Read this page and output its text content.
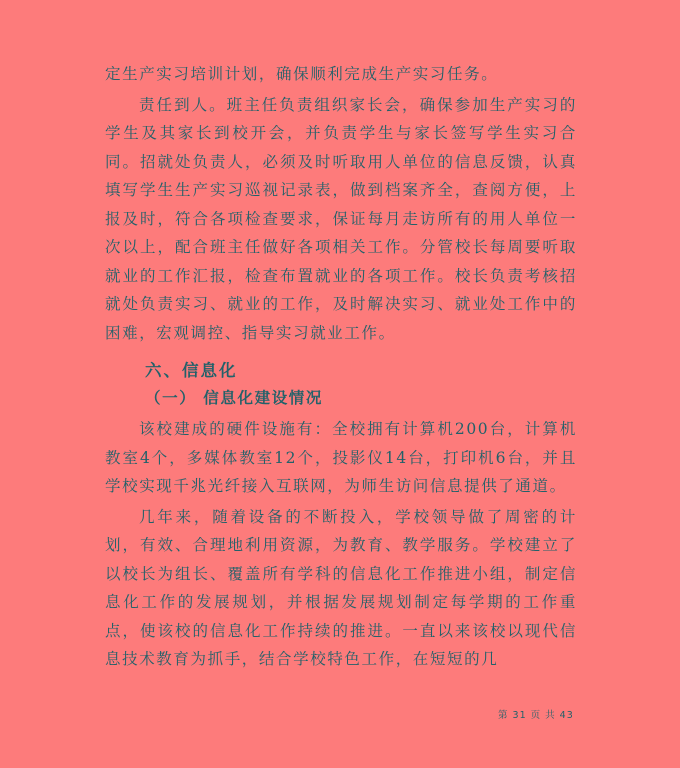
定生产实习培训计划，确保顺利完成生产实习任务。

责任到人。班主任负责组织家长会，确保参加生产实习的学生及其家长到校开会，并负责学生与家长签写学生实习合同。招就处负责人，必须及时听取用人单位的信息反馈，认真填写学生生产实习巡视记录表，做到档案齐全，查阅方便，上报及时，符合各项检查要求，保证每月走访所有的用人单位一次以上，配合班主任做好各项相关工作。分管校长每周要听取就业的工作汇报，检查布置就业的各项工作。校长负责考核招就处负责实习、就业的工作，及时解决实习、就业处工作中的困难，宏观调控、指导实习就业工作。

六、信息化
（一） 信息化建设情况

该校建成的硬件设施有：全校拥有计算机200台，计算机教室4个，多媒体教室12个，投影仪14台，打印机6台，并且学校实现千兆光纤接入互联网，为师生访问信息提供了通道。

几年来，随着设备的不断投入，学校领导做了周密的计划，有效、合理地利用资源，为教育、教学服务。学校建立了以校长为组长、覆盖所有学科的信息化工作推进小组，制定信息化工作的发展规划，并根据发展规划制定每学期的工作重点，使该校的信息化工作持续的推进。一直以来该校以现代信息技术教育为抓手，结合学校特色工作，在短短的几

第 31 页 共 43
